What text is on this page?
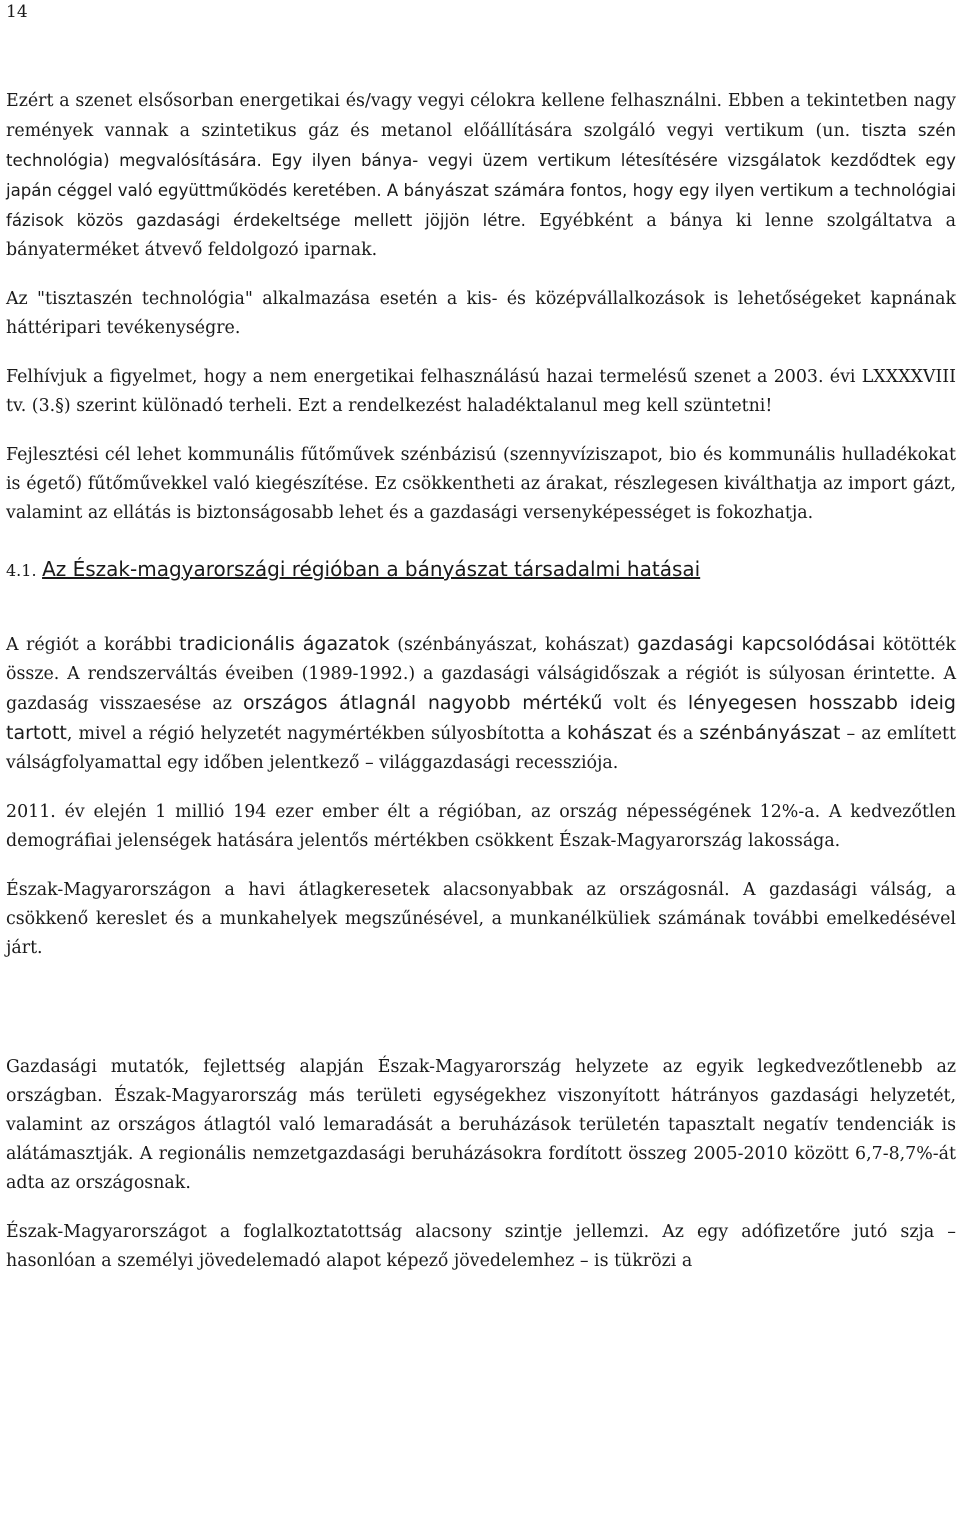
14

Ezért a szenet elsősorban energetikai és/vagy vegyi célokra kellene felhasználni. Ebben a tekintetben nagy remények vannak a szintetikus gáz és metanol előállítására szolgáló vegyi vertikum (un. tiszta szén technológia) megvalósítására. Egy ilyen bánya- vegyi üzem vertikum létesítésére vizsgálatok kezdődtek egy japán céggel való együttműködés keretében. A bányászat számára fontos, hogy egy ilyen vertikum a technológiai fázisok közös gazdasági érdekeltsége mellett jöjjön létre. Egyébként a bánya ki lenne szolgáltatva a bányaterméket átvevő feldolgozó iparnak.

Az "tisztaszén technológia" alkalmazása esetén a kis- és középvállalkozások is lehetőségeket kapnának háttéripari tevékenységre.

Felhívjuk a figyelmet, hogy a nem energetikai felhasználású hazai termelésű szenet a 2003. évi LXXXXVIII tv. (3.§) szerint különadó terheli. Ezt a rendelkezést haladéktalanul meg kell szüntetni!

Fejlesztési cél lehet kommunális fűtőművek szénbázisú (szennyvíziszapot, bio és kommunális hulladékokat is égető) fűtőművekkel való kiegészítése. Ez csökkentheti az árakat, részlegesen kiválthatja az import gázt, valamint az ellátás is biztonságosabb lehet és a gazdasági versenyképességet is fokozhatja.

4.1. Az Észak-magyarországi régióban a bányászat társadalmi hatásai

A régiót a korábbi tradicionális ágazatok (szénbányászat, kohászat) gazdasági kapcsolódásai kötötték össze. A rendszerváltás éveiben (1989-1992.) a gazdasági válságidőszak a régiót is súlyosan érintette. A gazdaság visszaesése az országos átlagnál nagyobb mértékű volt és lényegesen hosszabb ideig tartott, mivel a régió helyzetét nagymértékben súlyosbította a kohászat és a szénbányászat – az említett válságfolyamattal egy időben jelentkező – világgazdasági recessziója.

2011. év elején 1 millió 194 ezer ember élt a régióban, az ország népességének 12%-a. A kedvezőtlen demográfiai jelenségek hatására jelentős mértékben csökkent Észak-Magyarország lakossága.

Észak-Magyarországon a havi átlagkeresetek alacsonyabbak az országosnál. A gazdasági válság, a csökkenő kereslet és a munkahelyek megszűnésével, a munkanélküliek számának további emelkedésével járt.

Gazdasági mutatók, fejlettség alapján Észak-Magyarország helyzete az egyik legkedvezőtlenebb az országban. Észak-Magyarország más területi egységekhez viszonyított hátrányos gazdasági helyzetét, valamint az országos átlagtól való lemaradását a beruházások területén tapasztalt negatív tendenciák is alátámasztják. A regionális nemzetgazdasági beruházásokra fordított összeg 2005-2010 között 6,7-8,7%-át adta az országosnak.

Észak-Magyarországot a foglalkoztatottság alacsony szintje jellemzi. Az egy adófizetőre jutó szja – hasonlóan a személyi jövedelemadó alapot képező jövedelemhez – is tükrözi a
